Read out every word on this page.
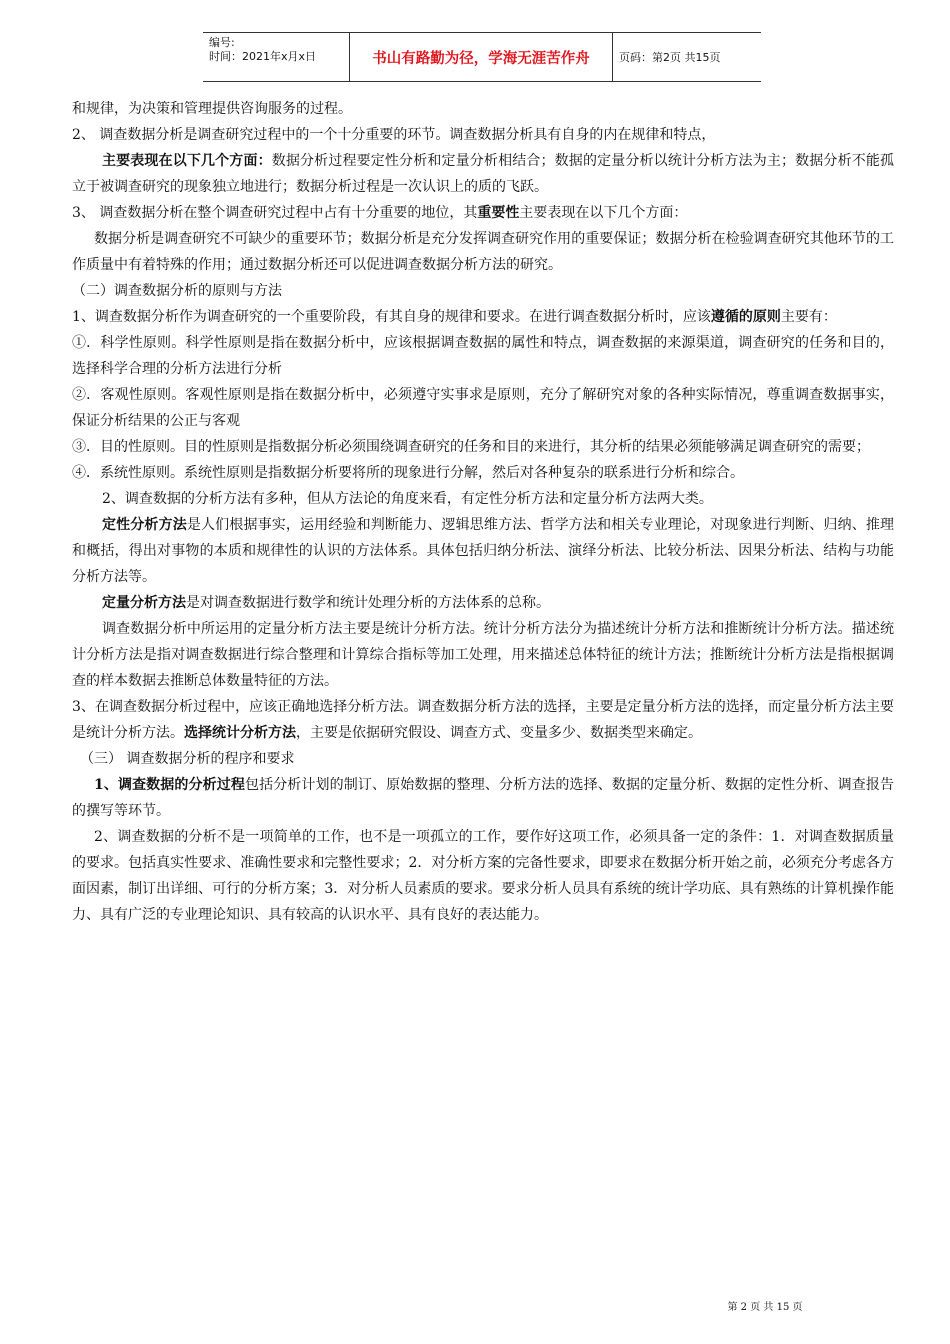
编号:
时间：2021年x月x日	书山有路勤为径，学海无涯苦作舟	页码：第2页 共15页

和规律，为决策和管理提供咨询服务的过程。

2、 调查数据分析是调查研究过程中的一个十分重要的环节。调查数据分析具有自身的内在规律和特点，

主要表现在以下几个方面：数据分析过程要定性分析和定量分析相结合；数据的定量分析以统计分析方法为主；数据分析不能孤立于被调查研究的现象独立地进行；数据分析过程是一次认识上的质的飞跃。

3、 调查数据分析在整个调查研究过程中占有十分重要的地位，其重要性主要表现在以下几个方面：

数据分析是调查研究不可缺少的重要环节；数据分析是充分发挥调查研究作用的重要保证；数据分析在检验调查研究其他环节的工作质量中有着特殊的作用；通过数据分析还可以促进调查数据分析方法的研究。

（二）调查数据分析的原则与方法

1、调查数据分析作为调查研究的一个重要阶段，有其自身的规律和要求。在进行调查数据分析时，应该遵循的原则主要有：

①．科学性原则。科学性原则是指在数据分析中，应该根据调查数据的属性和特点，调查数据的来源渠道，调查研究的任务和目的，选择科学合理的分析方法进行分析

②．客观性原则。客观性原则是指在数据分析中，必须遵守实事求是原则，充分了解研究对象的各种实际情况，尊重调查数据事实，保证分析结果的公正与客观

③．目的性原则。目的性原则是指数据分析必须围绕调查研究的任务和目的来进行，其分析的结果必须能够满足调查研究的需要；

④．系统性原则。系统性原则是指数据分析要将所的现象进行分解，然后对各种复杂的联系进行分析和综合。

2、调查数据的分析方法有多种，但从方法论的角度来看，有定性分析方法和定量分析方法两大类。

定性分析方法是人们根据事实，运用经验和判断能力、逻辑思维方法、哲学方法和相关专业理论，对现象进行判断、归纳、推理和概括，得出对事物的本质和规律性的认识的方法体系。具体包括归纳分析法、演绎分析法、比较分析法、因果分析法、结构与功能分析方法等。

定量分析方法是对调查数据进行数学和统计处理分析的方法体系的总称。

调查数据分析中所运用的定量分析方法主要是统计分析方法。统计分析方法分为描述统计分析方法和推断统计分析方法。描述统计分析方法是指对调查数据进行综合整理和计算综合指标等加工处理，用来描述总体特征的统计方法；推断统计分析方法是指根据调查的样本数据去推断总体数量特征的方法。

3、在调查数据分析过程中，应该正确地选择分析方法。调查数据分析方法的选择，主要是定量分析方法的选择，而定量分析方法主要是统计分析方法。选择统计分析方法，主要是依据研究假设、调查方式、变量多少、数据类型来确定。

（三） 调查数据分析的程序和要求

1、调查数据的分析过程包括分析计划的制订、原始数据的整理、分析方法的选择、数据的定量分析、数据的定性分析、调查报告的撰写等环节。

2、调查数据的分析不是一项简单的工作，也不是一项孤立的工作，要作好这项工作，必须具备一定的条件：1．对调查数据质量的要求。包括真实性要求、准确性要求和完整性要求；2．对分析方案的完备性要求，即要求在数据分析开始之前，必须充分考虑各方面因素，制订出详细、可行的分析方案；3．对分析人员素质的要求。要求分析人员具有系统的统计学功底、具有熟练的计算机操作能力、具有广泛的专业理论知识、具有较高的认识水平、具有良好的表达能力。

第 2 页 共 15 页
